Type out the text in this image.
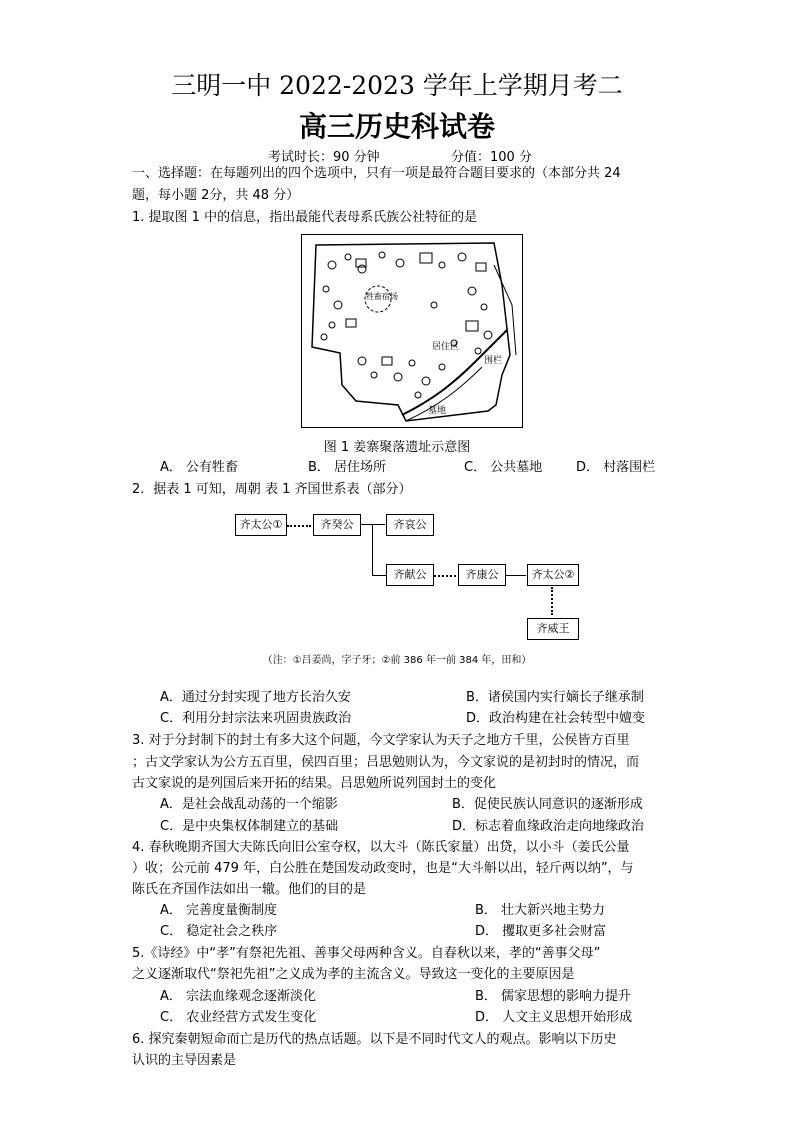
三明一中 2022-2023 学年上学期月考二
高三历史科试卷
考试时长：90 分钟	分值：100 分
一、选择题：在每题列出的四个选项中，只有一项是最符合题目要求的（本部分共 24
题，每小题 2分，共 48 分）
1. 提取图 1 中的信息，指出最能代表母系氏族公社特征的是
牲畜宿场
居住区
围栏
墓地
图 1 姜寨聚落遗址示意图
A． 公有牲畜	B． 居住场所	C． 公共墓地	D． 村落围栏
2．据表 1 可知，周朝 表 1 齐国世系表（部分）
齐太公①	齐癸公	齐哀公
齐献公	齐康公	齐太公②
齐威王
（注：①吕姜尚，字子牙；②前 386 年一前 384 年，田和）
A．通过分封实现了地方长治久安	B．诸侯国内实行嫡长子继承制
C．利用分封宗法来巩固贵族政治	D．政治构建在社会转型中嬗变
3. 对于分封制下的封土有多大这个问题，今文学家认为天子之地方千里，公侯皆方百里
；古文学家认为公方五百里，侯四百里；吕思勉则认为，今文家说的是初封时的情况，而
古文家说的是列国后来开拓的结果。吕思勉所说列国封土的变化
A．是社会战乱动荡的一个缩影	B．促使民族认同意识的逐渐形成
C．是中央集权体制建立的基础	D．标志着血缘政治走向地缘政治
4. 春秋晚期齐国大夫陈氏向旧公室夺权，以大斗（陈氏家量）出贷，以小斗（姜氏公量
）收；公元前 479 年，白公胜在楚国发动政变时，也是“大斗斛以出，轻斤两以纳”，与
陈氏在齐国作法如出一辙。他们的目的是
A． 完善度量衡制度	B． 壮大新兴地主势力
C． 稳定社会之秩序	D． 攫取更多社会财富
5.《诗经》中“孝”有祭祀先祖、善事父母两种含义。自春秋以来，孝的“善事父母”
之义逐渐取代“祭祀先祖”之义成为孝的主流含义。导致这一变化的主要原因是
A． 宗法血缘观念逐渐淡化	B． 儒家思想的影响力提升
C． 农业经营方式发生变化	D． 人文主义思想开始形成
6. 探究秦朝短命而亡是历代的热点话题。以下是不同时代文人的观点。影响以下历史
认识的主导因素是
